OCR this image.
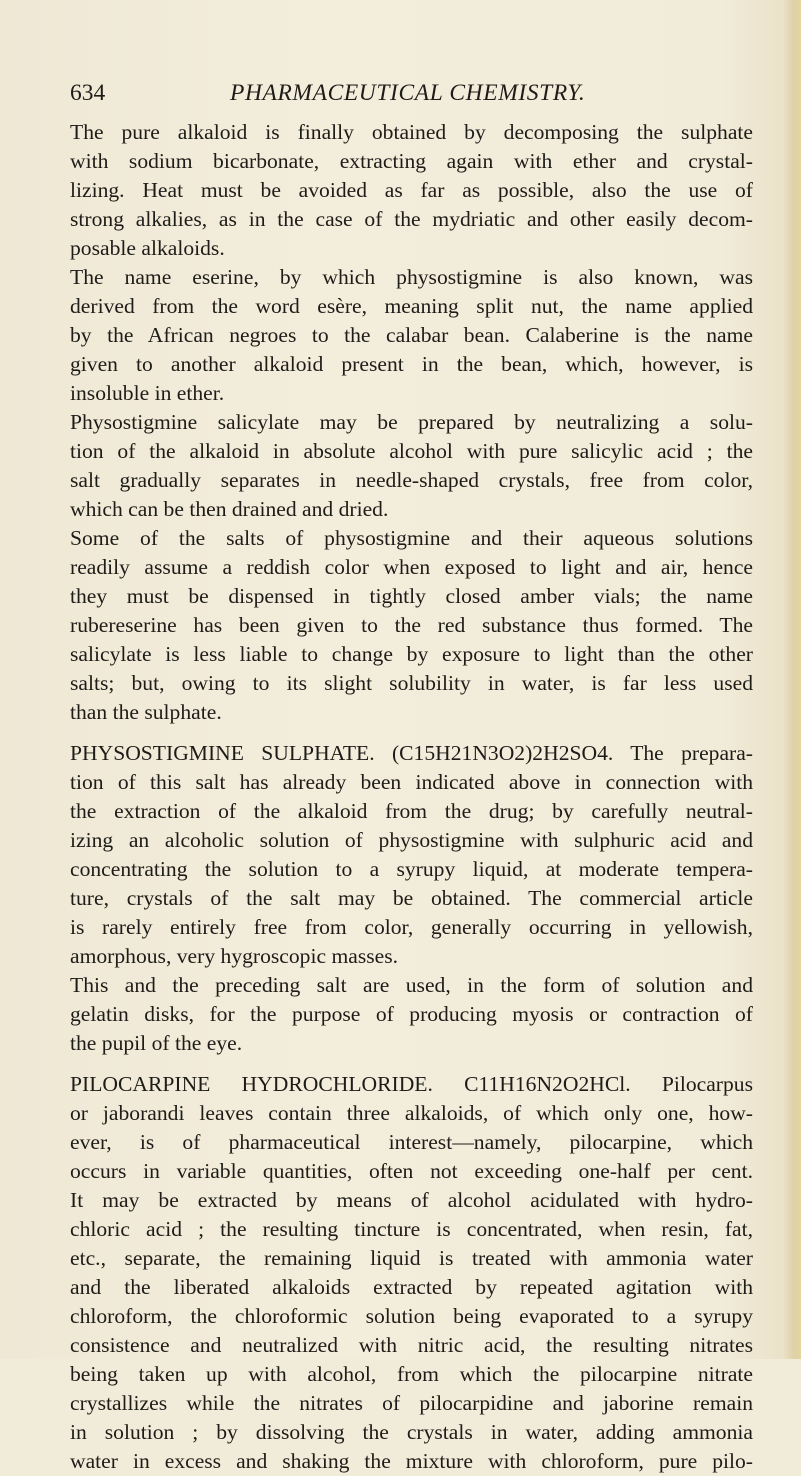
634	PHARMACEUTICAL CHEMISTRY.
The pure alkaloid is finally obtained by decomposing the sulphate
with sodium bicarbonate, extracting again with ether and crystal-
lizing. Heat must be avoided as far as possible, also the use of
strong alkalies, as in the case of the mydriatic and other easily decom-
posable alkaloids.
The name eserine, by which physostigmine is also known, was
derived from the word esère, meaning split nut, the name applied
by the African negroes to the calabar bean. Calaberine is the name
given to another alkaloid present in the bean, which, however, is
insoluble in ether.
Physostigmine salicylate may be prepared by neutralizing a solu-
tion of the alkaloid in absolute alcohol with pure salicylic acid ; the
salt gradually separates in needle-shaped crystals, free from color,
which can be then drained and dried.
Some of the salts of physostigmine and their aqueous solutions
readily assume a reddish color when exposed to light and air, hence
they must be dispensed in tightly closed amber vials; the name
rubereserine has been given to the red substance thus formed. The
salicylate is less liable to change by exposure to light than the other
salts; but, owing to its slight solubility in water, is far less used
than the sulphate.
PHYSOSTIGMINE SULPHATE. (C15H21N3O2)2H2SO4. The prepara-
tion of this salt has already been indicated above in connection with
the extraction of the alkaloid from the drug; by carefully neutral-
izing an alcoholic solution of physostigmine with sulphuric acid and
concentrating the solution to a syrupy liquid, at moderate tempera-
ture, crystals of the salt may be obtained. The commercial article
is rarely entirely free from color, generally occurring in yellowish,
amorphous, very hygroscopic masses.
This and the preceding salt are used, in the form of solution and
gelatin disks, for the purpose of producing myosis or contraction of
the pupil of the eye.
PILOCARPINE HYDROCHLORIDE. C11H16N2O2HCl. Pilocarpus
or jaborandi leaves contain three alkaloids, of which only one, how-
ever, is of pharmaceutical interest—namely, pilocarpine, which
occurs in variable quantities, often not exceeding one-half per cent.
It may be extracted by means of alcohol acidulated with hydro-
chloric acid ; the resulting tincture is concentrated, when resin, fat,
etc., separate, the remaining liquid is treated with ammonia water
and the liberated alkaloids extracted by repeated agitation with
chloroform, the chloroformic solution being evaporated to a syrupy
consistence and neutralized with nitric acid, the resulting nitrates
being taken up with alcohol, from which the pilocarpine nitrate
crystallizes while the nitrates of pilocarpidine and jaborine remain
in solution ; by dissolving the crystals in water, adding ammonia
water in excess and shaking the mixture with chloroform, pure pilo-
